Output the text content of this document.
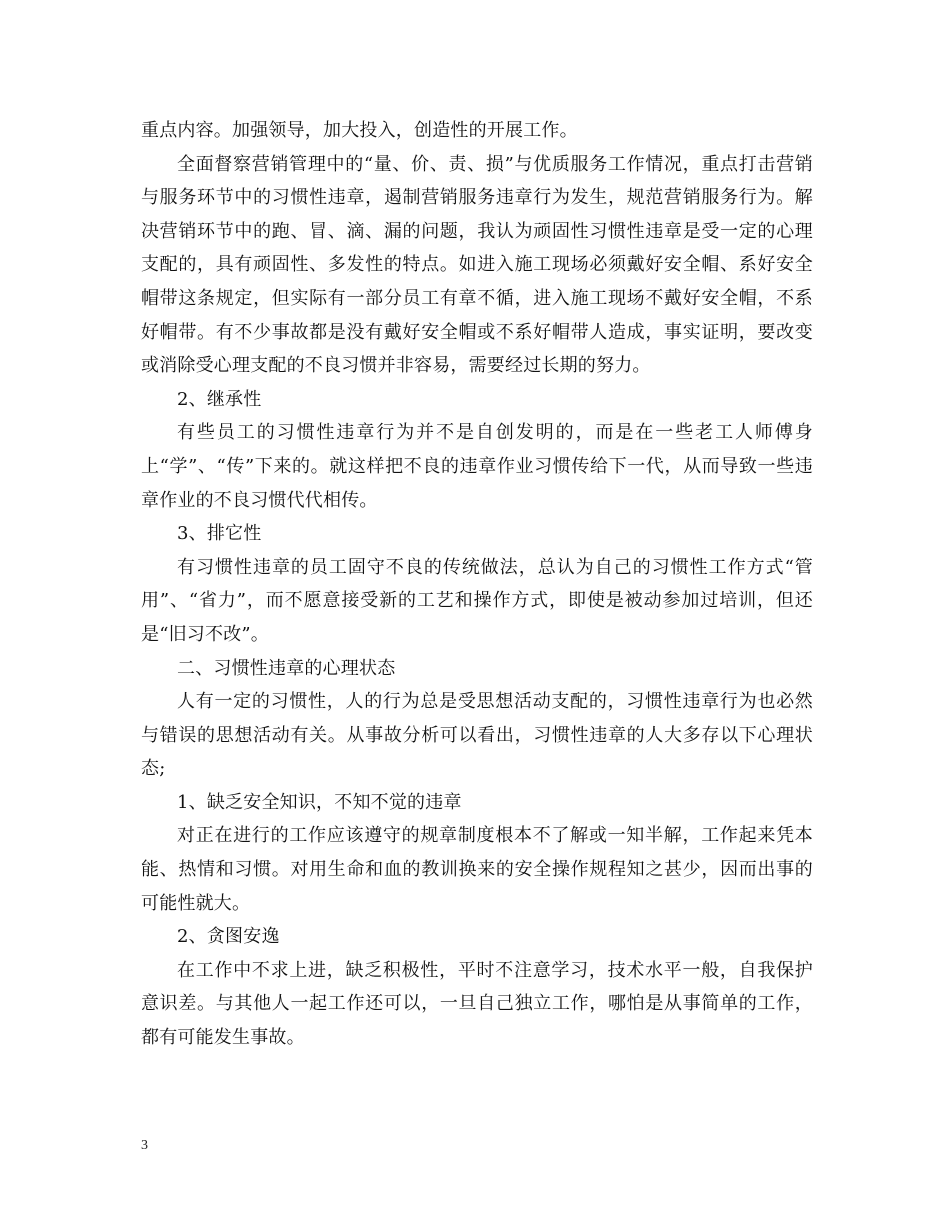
重点内容。加强领导，加大投入，创造性的开展工作。

全面督察营销管理中的“量、价、责、损”与优质服务工作情况，重点打击营销与服务环节中的习惯性违章，遏制营销服务违章行为发生，规范营销服务行为。解决营销环节中的跑、冒、滴、漏的问题，我认为顽固性习惯性违章是受一定的心理支配的，具有顽固性、多发性的特点。如进入施工现场必须戴好安全帽、系好安全帽带这条规定，但实际有一部分员工有章不循，进入施工现场不戴好安全帽，不系好帽带。有不少事故都是没有戴好安全帽或不系好帽带人造成，事实证明，要改变或消除受心理支配的不良习惯并非容易，需要经过长期的努力。

2、继承性

有些员工的习惯性违章行为并不是自创发明的，而是在一些老工人师傅身上“学”、“传”下来的。就这样把不良的违章作业习惯传给下一代，从而导致一些违章作业的不良习惯代代相传。

3、排它性

有习惯性违章的员工固守不良的传统做法，总认为自己的习惯性工作方式“管用”、“省力”，而不愿意接受新的工艺和操作方式，即使是被动参加过培训，但还是“旧习不改”。

二、习惯性违章的心理状态

人有一定的习惯性，人的行为总是受思想活动支配的，习惯性违章行为也必然与错误的思想活动有关。从事故分析可以看出，习惯性违章的人大多存以下心理状态;

1、缺乏安全知识，不知不觉的违章

对正在进行的工作应该遵守的规章制度根本不了解或一知半解，工作起来凭本能、热情和习惯。对用生命和血的教训换来的安全操作规程知之甚少，因而出事的可能性就大。

2、贪图安逸

在工作中不求上进，缺乏积极性，平时不注意学习，技术水平一般，自我保护意识差。与其他人一起工作还可以，一旦自己独立工作，哪怕是从事简单的工作，都有可能发生事故。

3
